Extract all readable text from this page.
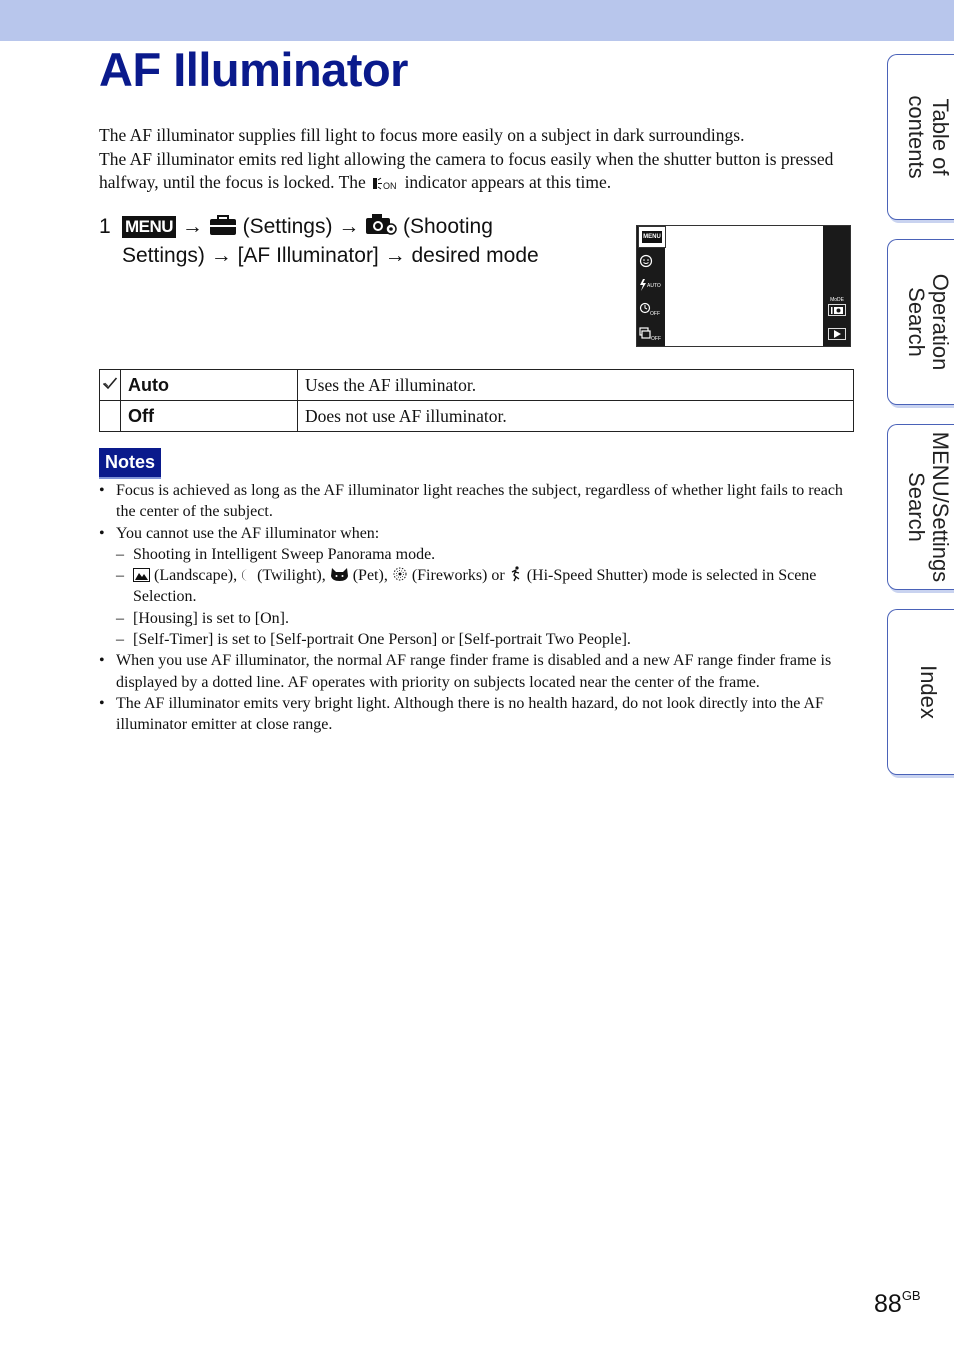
AF Illuminator

The AF illuminator supplies fill light to focus more easily on a subject in dark surroundings.
The AF illuminator emits red light allowing the camera to focus easily when the shutter button is pressed halfway, until the focus is locked. The ON indicator appears at this time.

1 MENU → (Settings) → (Shooting
Settings) → [AF Illuminator] → desired mode
MENU
AUTO
OFF
OFF
MoDE
	Auto	Uses the AF illuminator.
	Off	Does not use AF illuminator.
Notes
• Focus is achieved as long as the AF illuminator light reaches the subject, regardless of whether light fails to reach the center of the subject.
• You cannot use the AF illuminator when:
– Shooting in Intelligent Sweep Panorama mode.
– (Landscape), (Twilight), (Pet), (Fireworks) or (Hi-Speed Shutter) mode is selected in Scene Selection.
– [Housing] is set to [On].
– [Self-Timer] is set to [Self-portrait One Person] or [Self-portrait Two People].
• When you use AF illuminator, the normal AF range finder frame is disabled and a new AF range finder frame is displayed by a dotted line. AF operates with priority on subjects located near the center of the frame.
• The AF illuminator emits very bright light. Although there is no health hazard, do not look directly into the AF illuminator emitter at close range.
Table of
contents
Operation
Search
MENU/Settings
Search
Index
$88^{GB}$
